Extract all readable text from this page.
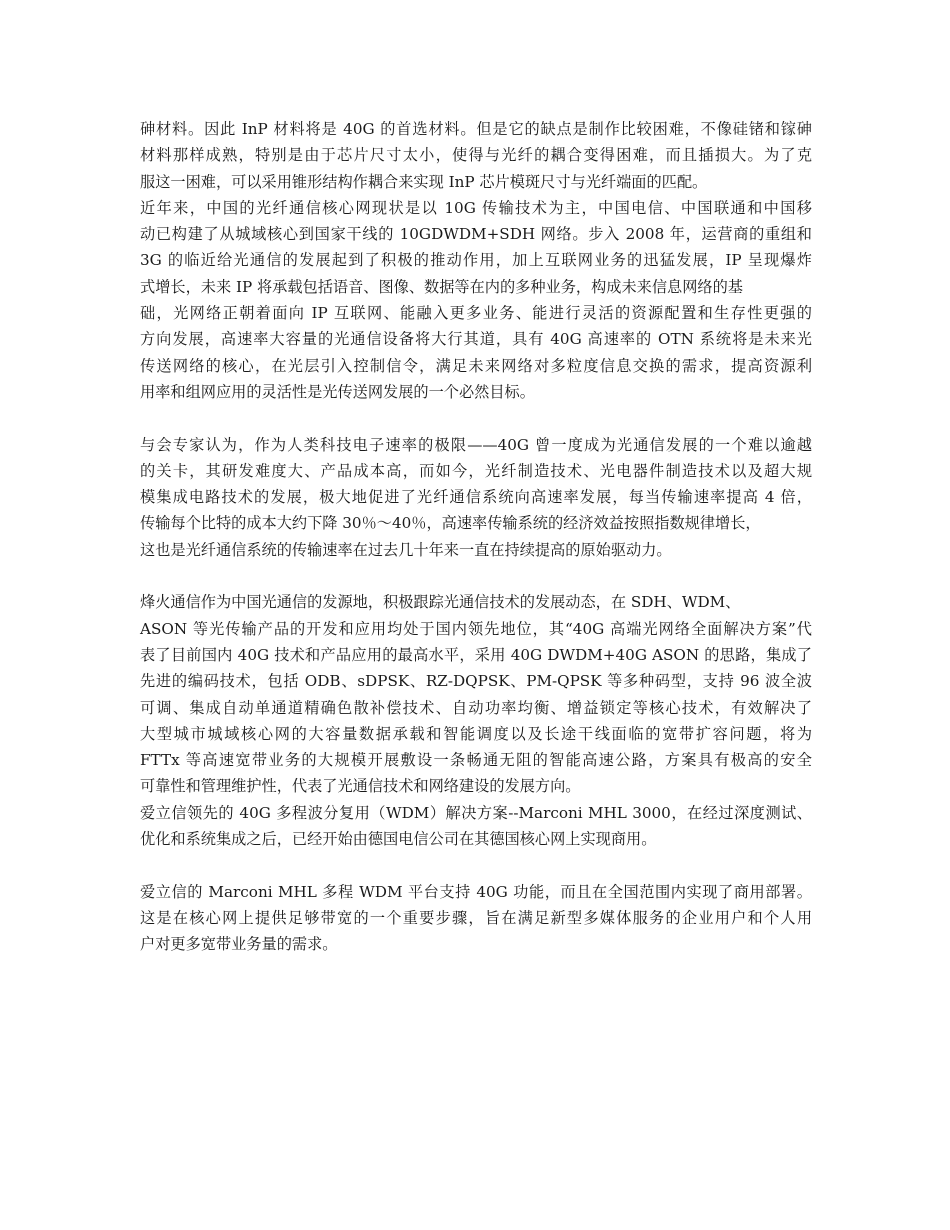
砷材料。因此 InP 材料将是 40G 的首选材料。但是它的缺点是制作比较困难，不像硅锗和镓砷
材料那样成熟，特别是由于芯片尺寸太小，使得与光纤的耦合变得困难，而且插损大。为了克
服这一困难，可以采用锥形结构作耦合来实现 InP 芯片模斑尺寸与光纤端面的匹配。
近年来，中国的光纤通信核心网现状是以 10G 传输技术为主，中国电信、中国联通和中国移
动已构建了从城域核心到国家干线的 10GDWDM+SDH 网络。步入 2008 年，运营商的重组和
3G 的临近给光通信的发展起到了积极的推动作用，加上互联网业务的迅猛发展，IP 呈现爆炸
式增长，未来 IP 将承载包括语音、图像、数据等在内的多种业务，构成未来信息网络的基
础，光网络正朝着面向 IP 互联网、能融入更多业务、能进行灵活的资源配置和生存性更强的
方向发展，高速率大容量的光通信设备将大行其道，具有 40G 高速率的 OTN 系统将是未来光
传送网络的核心，在光层引入控制信令，满足未来网络对多粒度信息交换的需求，提高资源利
用率和组网应用的灵活性是光传送网发展的一个必然目标。
与会专家认为，作为人类科技电子速率的极限——40G 曾一度成为光通信发展的一个难以逾越
的关卡，其研发难度大、产品成本高，而如今，光纤制造技术、光电器件制造技术以及超大规
模集成电路技术的发展，极大地促进了光纤通信系统向高速率发展，每当传输速率提高 4 倍，
传输每个比特的成本大约下降 30％～40％，高速率传输系统的经济效益按照指数规律增长，
这也是光纤通信系统的传输速率在过去几十年来一直在持续提高的原始驱动力。
烽火通信作为中国光通信的发源地，积极跟踪光通信技术的发展动态，在 SDH、WDM、
ASON 等光传输产品的开发和应用均处于国内领先地位，其“40G 高端光网络全面解决方案”代
表了目前国内 40G 技术和产品应用的最高水平，采用 40G DWDM+40G ASON 的思路，集成了
先进的编码技术，包括 ODB、sDPSK、RZ-DQPSK、PM-QPSK 等多种码型，支持 96 波全波
可调、集成自动单通道精确色散补偿技术、自动功率均衡、增益锁定等核心技术，有效解决了
大型城市城域核心网的大容量数据承载和智能调度以及长途干线面临的宽带扩容问题，将为
FTTx 等高速宽带业务的大规模开展敷设一条畅通无阻的智能高速公路，方案具有极高的安全
可靠性和管理维护性，代表了光通信技术和网络建设的发展方向。
爱立信领先的 40G 多程波分复用（WDM）解决方案--Marconi MHL 3000，在经过深度测试、
优化和系统集成之后，已经开始由德国电信公司在其德国核心网上实现商用。
爱立信的 Marconi MHL 多程 WDM 平台支持 40G 功能，而且在全国范围内实现了商用部署。
这是在核心网上提供足够带宽的一个重要步骤，旨在满足新型多媒体服务的企业用户和个人用
户对更多宽带业务量的需求。
